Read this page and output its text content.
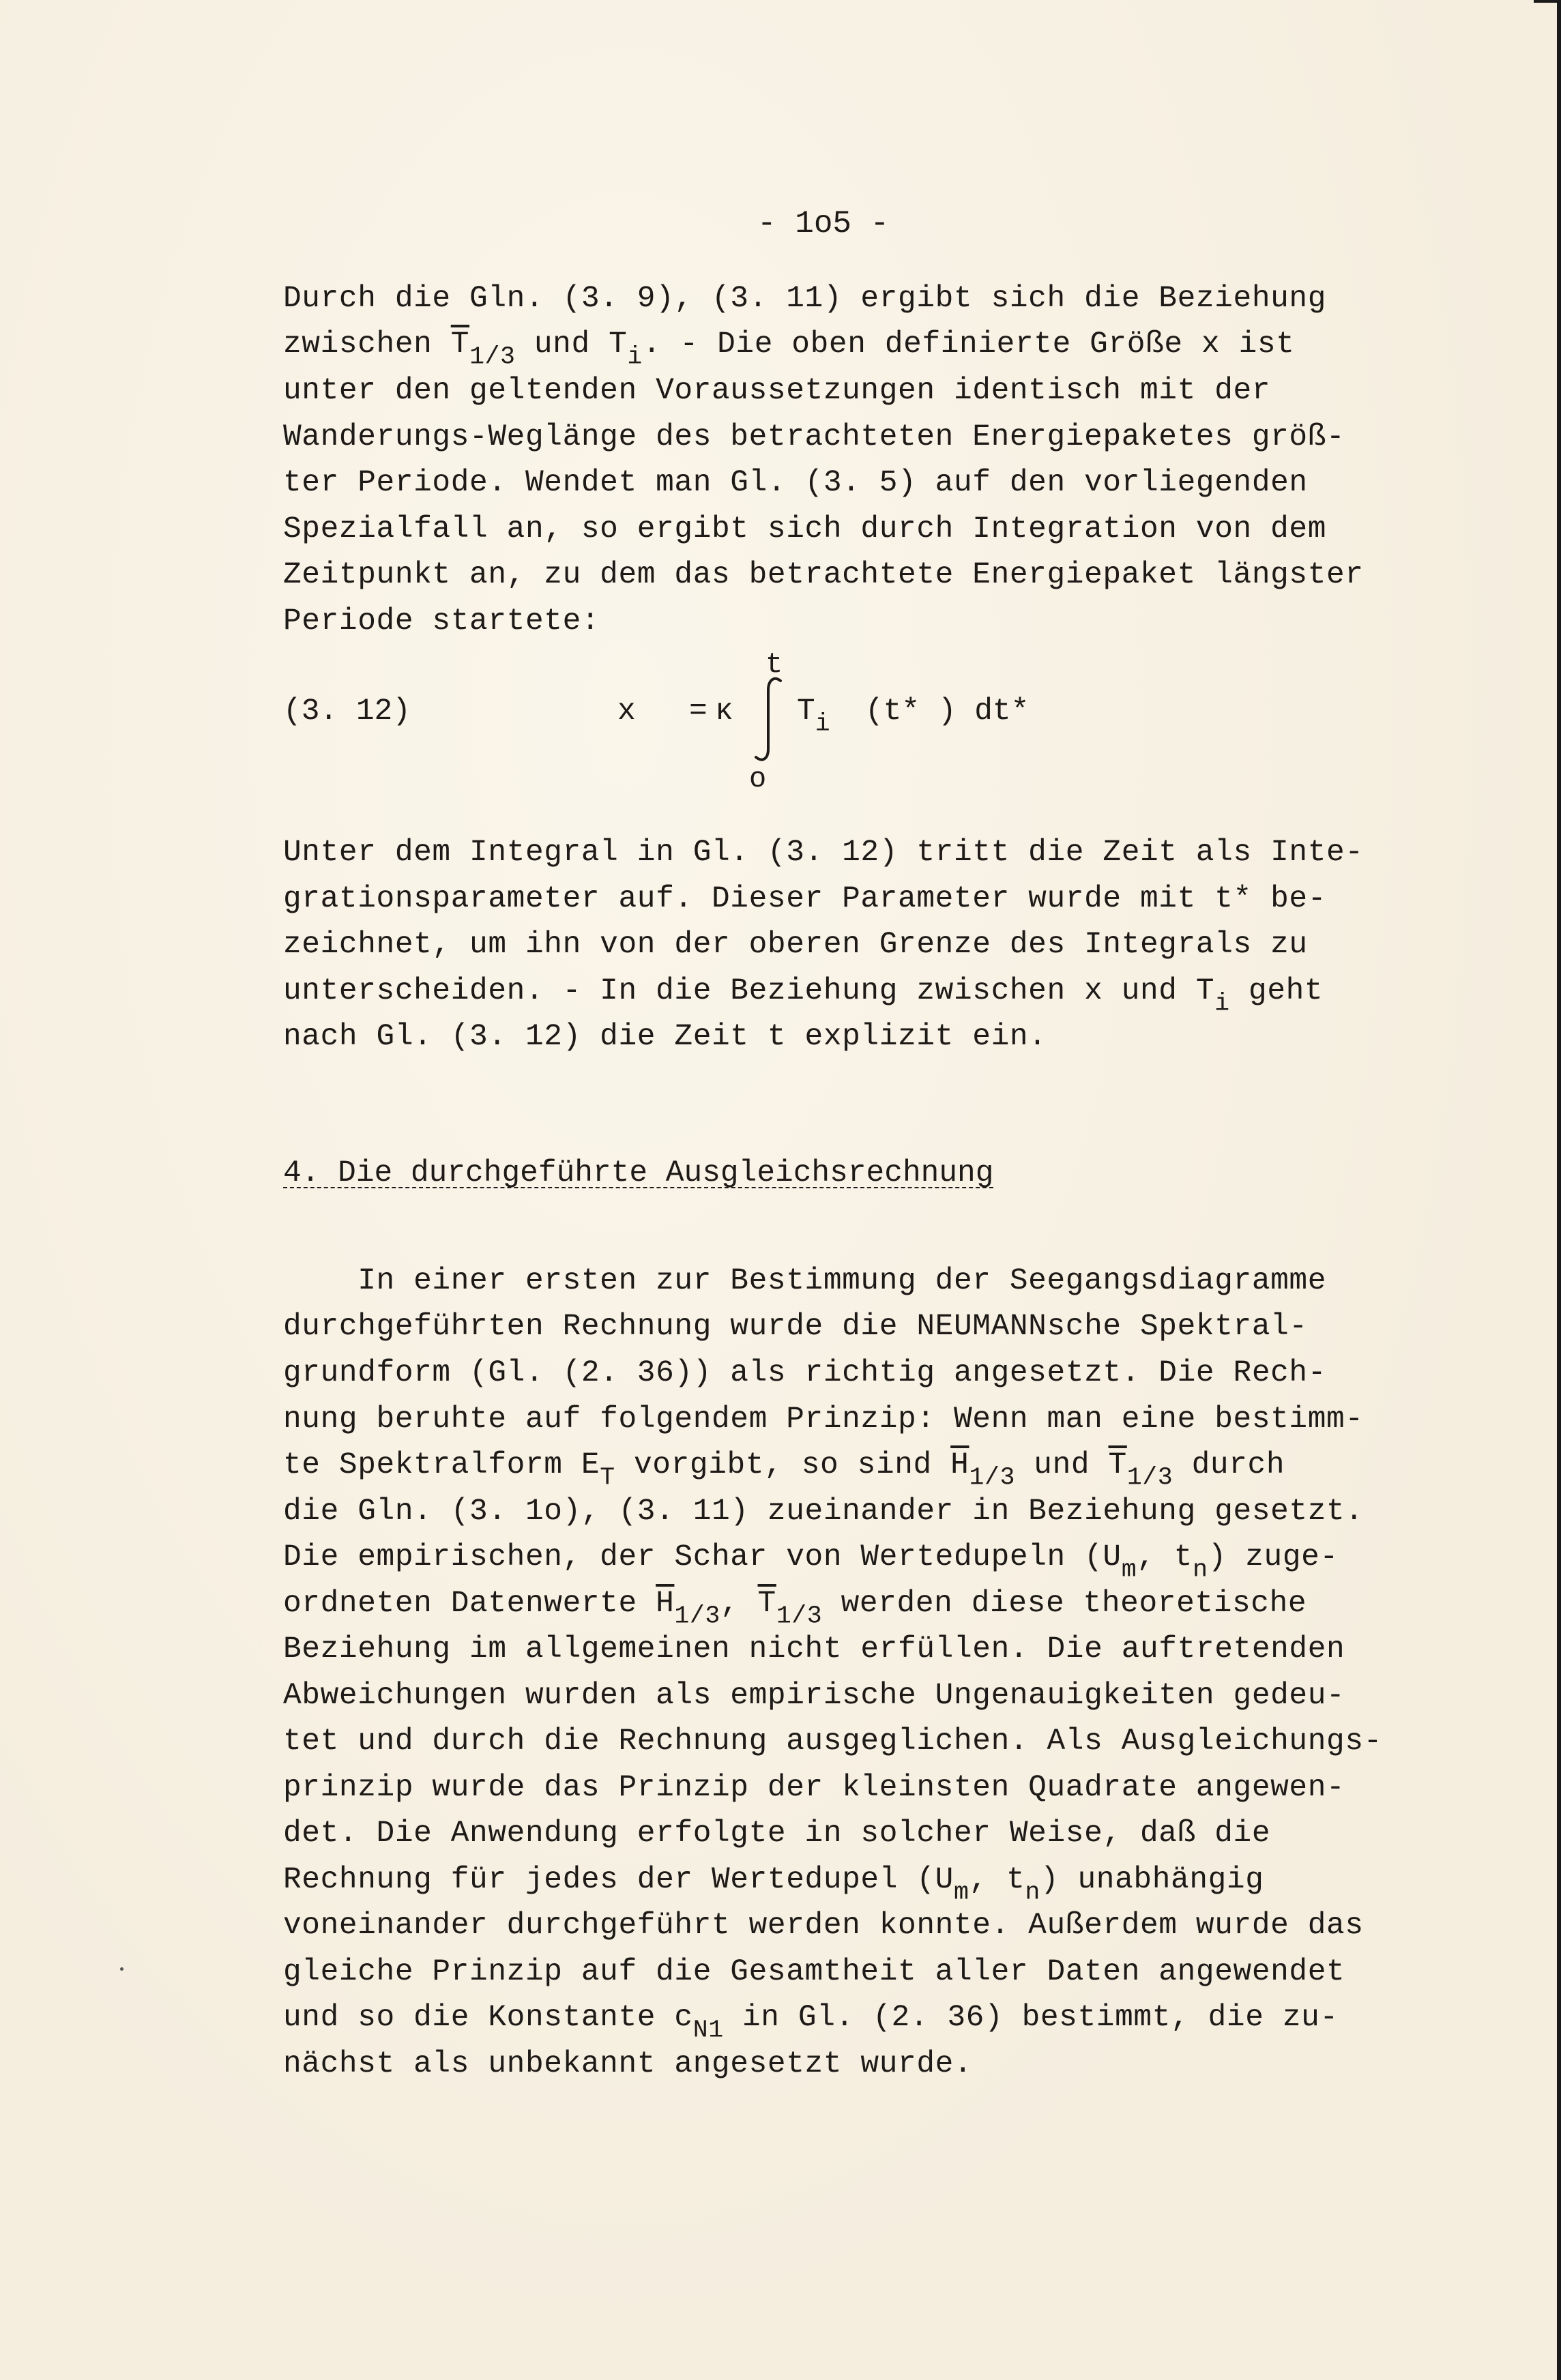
- 1o5 -
Durch die Gln. (3. 9), (3. 11) ergibt sich die Beziehung
zwischen $\overline{T}_{1/3}$ und $T_i$. - Die oben definierte Größe x ist
unter den geltenden Voraussetzungen identisch mit der
Wanderungs-Weglänge des betrachteten Energiepaketes größ-
ter Periode. Wendet man Gl. (3. 5) auf den vorliegenden
Spezialfall an, so ergibt sich durch Integration von dem
Zeitpunkt an, zu dem das betrachtete Energiepaket längster
Periode startete:
(3. 12)	x = κ
t
o
$T_i$ (t* ) dt*
Unter dem Integral in Gl. (3. 12) tritt die Zeit als Inte-
grationsparameter auf. Dieser Parameter wurde mit t* be-
zeichnet, um ihn von der oberen Grenze des Integrals zu
unterscheiden. - In die Beziehung zwischen x und $T_i$ geht
nach Gl. (3. 12) die Zeit t explizit ein.
4. Die durchgeführte Ausgleichsrechnung
In einer ersten zur Bestimmung der Seegangsdiagramme
durchgeführten Rechnung wurde die NEUMANNsche Spektral-
grundform (Gl. (2. 36)) als richtig angesetzt. Die Rech-
nung beruhte auf folgendem Prinzip: Wenn man eine bestimm-
te Spektralform $E_T$ vorgibt, so sind $\overline{H}_{1/3}$ und $\overline{T}_{1/3}$ durch
die Gln. (3. 1o), (3. 11) zueinander in Beziehung gesetzt.
Die empirischen, der Schar von Wertedupeln ($U_m$, $t_n$) zuge-
ordneten Datenwerte $\overline{H}_{1/3}$, $\overline{T}_{1/3}$ werden diese theoretische
Beziehung im allgemeinen nicht erfüllen. Die auftretenden
Abweichungen wurden als empirische Ungenauigkeiten gedeu-
tet und durch die Rechnung ausgeglichen. Als Ausgleichungs-
prinzip wurde das Prinzip der kleinsten Quadrate angewen-
det. Die Anwendung erfolgte in solcher Weise, daß die
Rechnung für jedes der Wertedupel ($U_m$, $t_n$) unabhängig
voneinander durchgeführt werden konnte. Außerdem wurde das
gleiche Prinzip auf die Gesamtheit aller Daten angewendet
und so die Konstante $c_{N1}$ in Gl. (2. 36) bestimmt, die zu-
nächst als unbekannt angesetzt wurde.
